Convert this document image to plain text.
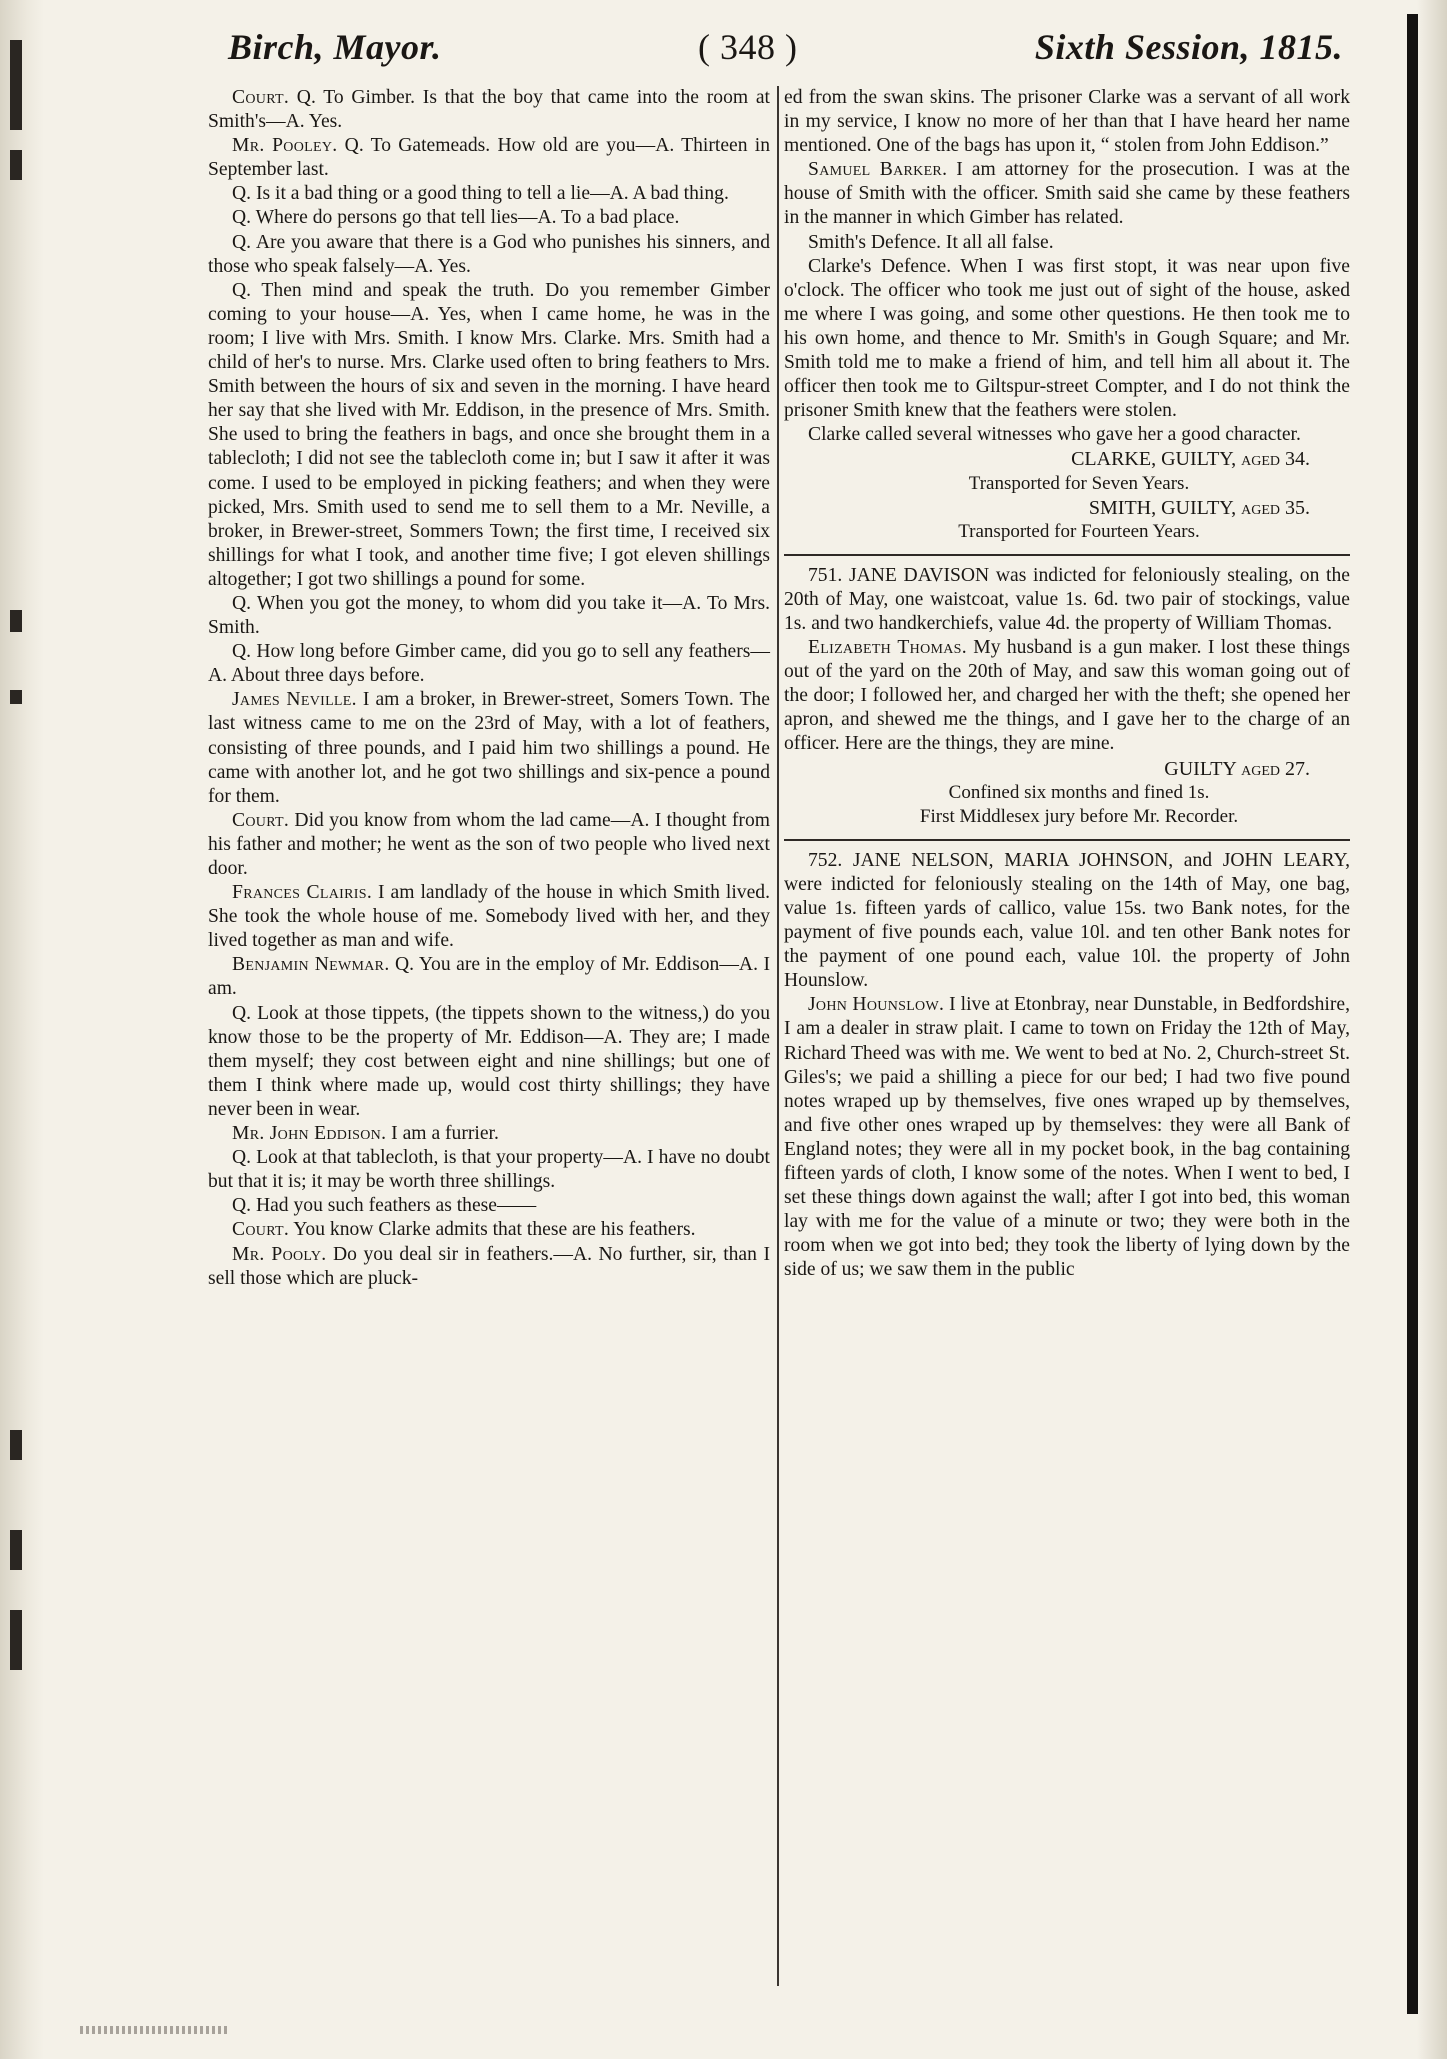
Birch, Mayor.	( 348 )	Sixth Session, 1815.

Court. Q. To Gimber. Is that the boy that came into the room at Smith's—A. Yes.

Mr. Pooley. Q. To Gatemeads. How old are you—A. Thirteen in September last.

Q. Is it a bad thing or a good thing to tell a lie—A. A bad thing.

Q. Where do persons go that tell lies—A. To a bad place.

Q. Are you aware that there is a God who punishes his sinners, and those who speak falsely—A. Yes.

Q. Then mind and speak the truth. Do you remember Gimber coming to your house—A. Yes, when I came home, he was in the room; I live with Mrs. Smith. I know Mrs. Clarke. Mrs. Smith had a child of her's to nurse. Mrs. Clarke used often to bring feathers to Mrs. Smith between the hours of six and seven in the morning. I have heard her say that she lived with Mr. Eddison, in the presence of Mrs. Smith. She used to bring the feathers in bags, and once she brought them in a tablecloth; I did not see the tablecloth come in; but I saw it after it was come. I used to be employed in picking feathers; and when they were picked, Mrs. Smith used to send me to sell them to a Mr. Neville, a broker, in Brewer-street, Sommers Town; the first time, I received six shillings for what I took, and another time five; I got eleven shillings altogether; I got two shillings a pound for some.

Q. When you got the money, to whom did you take it—A. To Mrs. Smith.

Q. How long before Gimber came, did you go to sell any feathers—A. About three days before.

James Neville. I am a broker, in Brewer-street, Somers Town. The last witness came to me on the 23rd of May, with a lot of feathers, consisting of three pounds, and I paid him two shillings a pound. He came with another lot, and he got two shillings and six-pence a pound for them.

Court. Did you know from whom the lad came—A. I thought from his father and mother; he went as the son of two people who lived next door.

Frances Clairis. I am landlady of the house in which Smith lived. She took the whole house of me. Somebody lived with her, and they lived together as man and wife.

Benjamin Newmar. Q. You are in the employ of Mr. Eddison—A. I am.

Q. Look at those tippets, (the tippets shown to the witness,) do you know those to be the property of Mr. Eddison—A. They are; I made them myself; they cost between eight and nine shillings; but one of them I think where made up, would cost thirty shillings; they have never been in wear.

Mr. John Eddison. I am a furrier.

Q. Look at that tablecloth, is that your property—A. I have no doubt but that it is; it may be worth three shillings.

Q. Had you such feathers as these——

Court. You know Clarke admits that these are his feathers.

Mr. Pooly. Do you deal sir in feathers.—A. No further, sir, than I sell those which are pluck-

ed from the swan skins. The prisoner Clarke was a servant of all work in my service, I know no more of her than that I have heard her name mentioned. One of the bags has upon it, “ stolen from John Eddison.”

Samuel Barker. I am attorney for the prosecution. I was at the house of Smith with the officer. Smith said she came by these feathers in the manner in which Gimber has related.

Smith's Defence. It all all false.

Clarke's Defence. When I was first stopt, it was near upon five o'clock. The officer who took me just out of sight of the house, asked me where I was going, and some other questions. He then took me to his own home, and thence to Mr. Smith's in Gough Square; and Mr. Smith told me to make a friend of him, and tell him all about it. The officer then took me to Giltspur-street Compter, and I do not think the prisoner Smith knew that the feathers were stolen.

Clarke called several witnesses who gave her a good character.

CLARKE, GUILTY, aged 34.

Transported for Seven Years.

SMITH, GUILTY, aged 35.

Transported for Fourteen Years.

751. JANE DAVISON was indicted for feloniously stealing, on the 20th of May, one waistcoat, value 1s. 6d. two pair of stockings, value 1s. and two handkerchiefs, value 4d. the property of William Thomas.

Elizabeth Thomas. My husband is a gun maker. I lost these things out of the yard on the 20th of May, and saw this woman going out of the door; I followed her, and charged her with the theft; she opened her apron, and shewed me the things, and I gave her to the charge of an officer. Here are the things, they are mine.

GUILTY aged 27.

Confined six months and fined 1s.

First Middlesex jury before Mr. Recorder.

752. JANE NELSON, MARIA JOHNSON, and JOHN LEARY, were indicted for feloniously stealing on the 14th of May, one bag, value 1s. fifteen yards of callico, value 15s. two Bank notes, for the payment of five pounds each, value 10l. and ten other Bank notes for the payment of one pound each, value 10l. the property of John Hounslow.

John Hounslow. I live at Etonbray, near Dunstable, in Bedfordshire, I am a dealer in straw plait. I came to town on Friday the 12th of May, Richard Theed was with me. We went to bed at No. 2, Church-street St. Giles's; we paid a shilling a piece for our bed; I had two five pound notes wraped up by themselves, five ones wraped up by themselves, and five other ones wraped up by themselves: they were all Bank of England notes; they were all in my pocket book, in the bag containing fifteen yards of cloth, I know some of the notes. When I went to bed, I set these things down against the wall; after I got into bed, this woman lay with me for the value of a minute or two; they were both in the room when we got into bed; they took the liberty of lying down by the side of us; we saw them in the public
